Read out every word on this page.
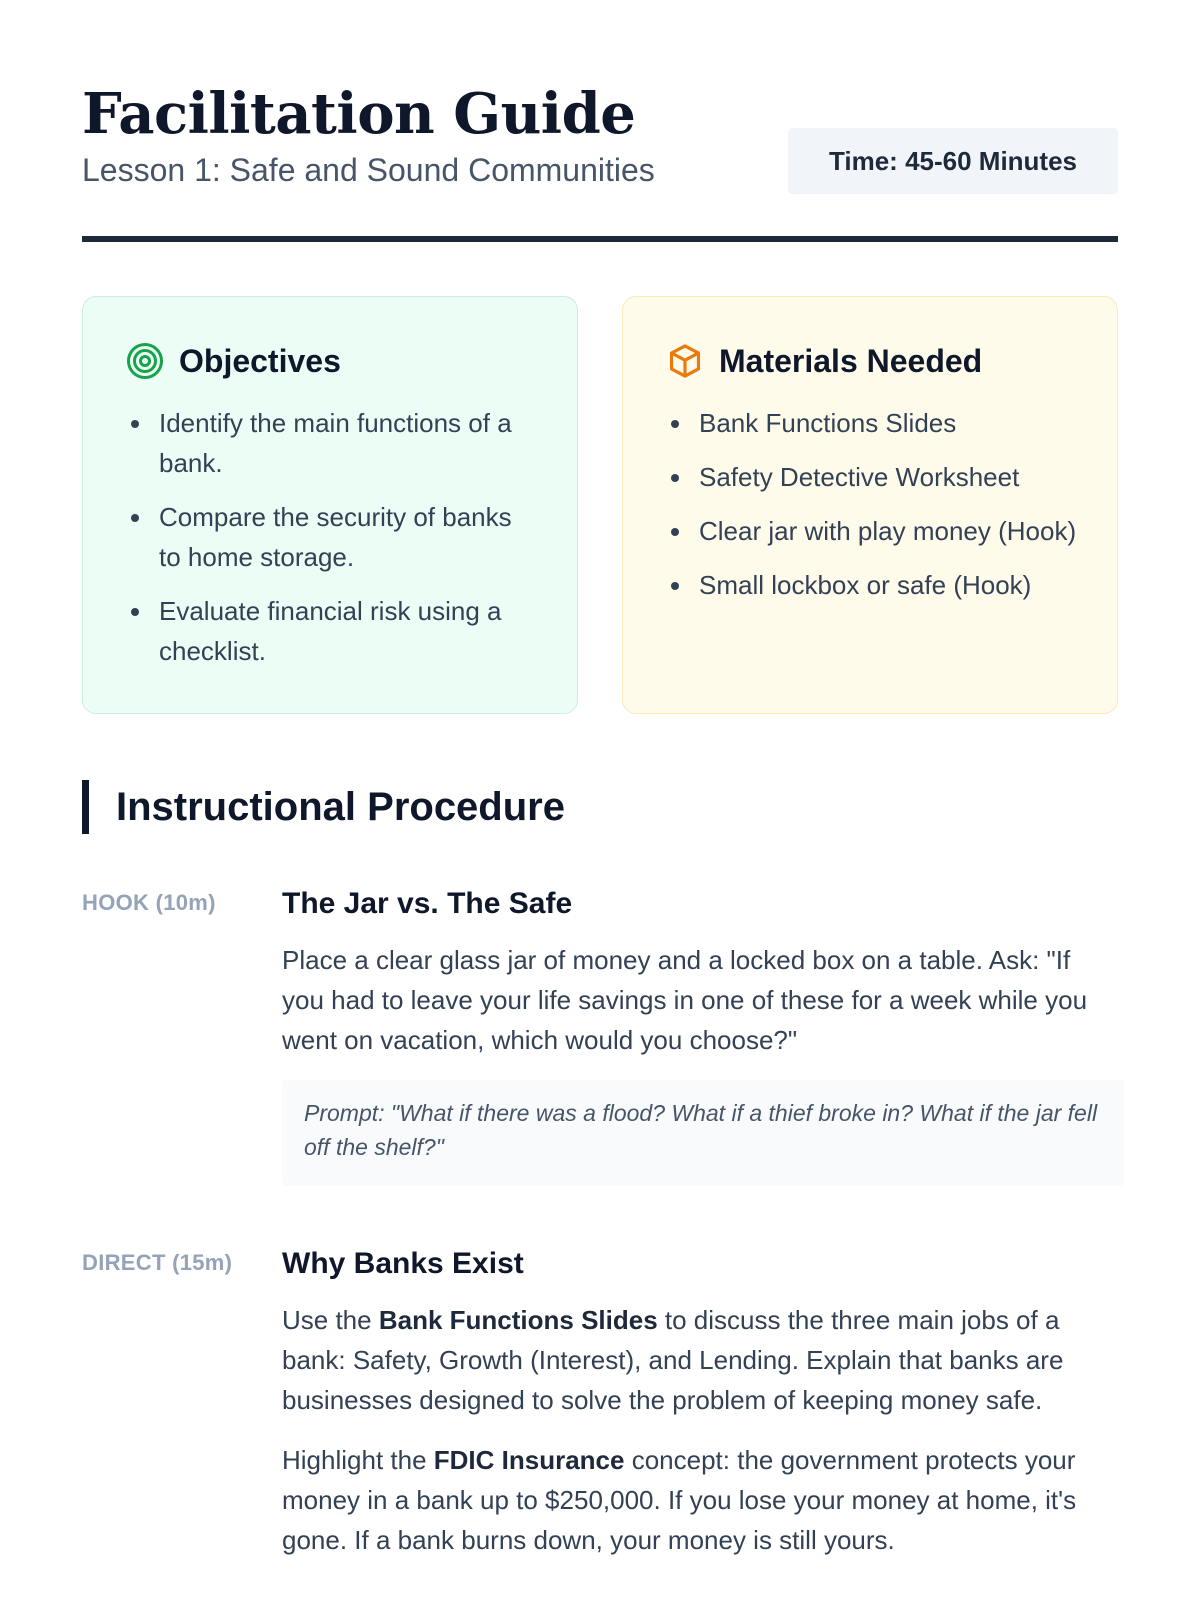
Facilitation Guide
Lesson 1: Safe and Sound Communities	Time: 45-60 Minutes
Objectives
Identify the main functions of a bank.
Compare the security of banks to home storage.
Evaluate financial risk using a checklist.
Materials Needed
Bank Functions Slides
Safety Detective Worksheet
Clear jar with play money (Hook)
Small lockbox or safe (Hook)
Instructional Procedure
HOOK (10m) The Jar vs. The Safe

Place a clear glass jar of money and a locked box on a table. Ask: "If you had to leave your life savings in one of these for a week while you went on vacation, which would you choose?"

Prompt: "What if there was a flood? What if a thief broke in? What if the jar fell off the shelf?"
DIRECT (15m) Why Banks Exist

Use the Bank Functions Slides to discuss the three main jobs of a bank: Safety, Growth (Interest), and Lending. Explain that banks are businesses designed to solve the problem of keeping money safe.

Highlight the FDIC Insurance concept: the government protects your money in a bank up to $250,000. If you lose your money at home, it's gone. If a bank burns down, your money is still yours.
